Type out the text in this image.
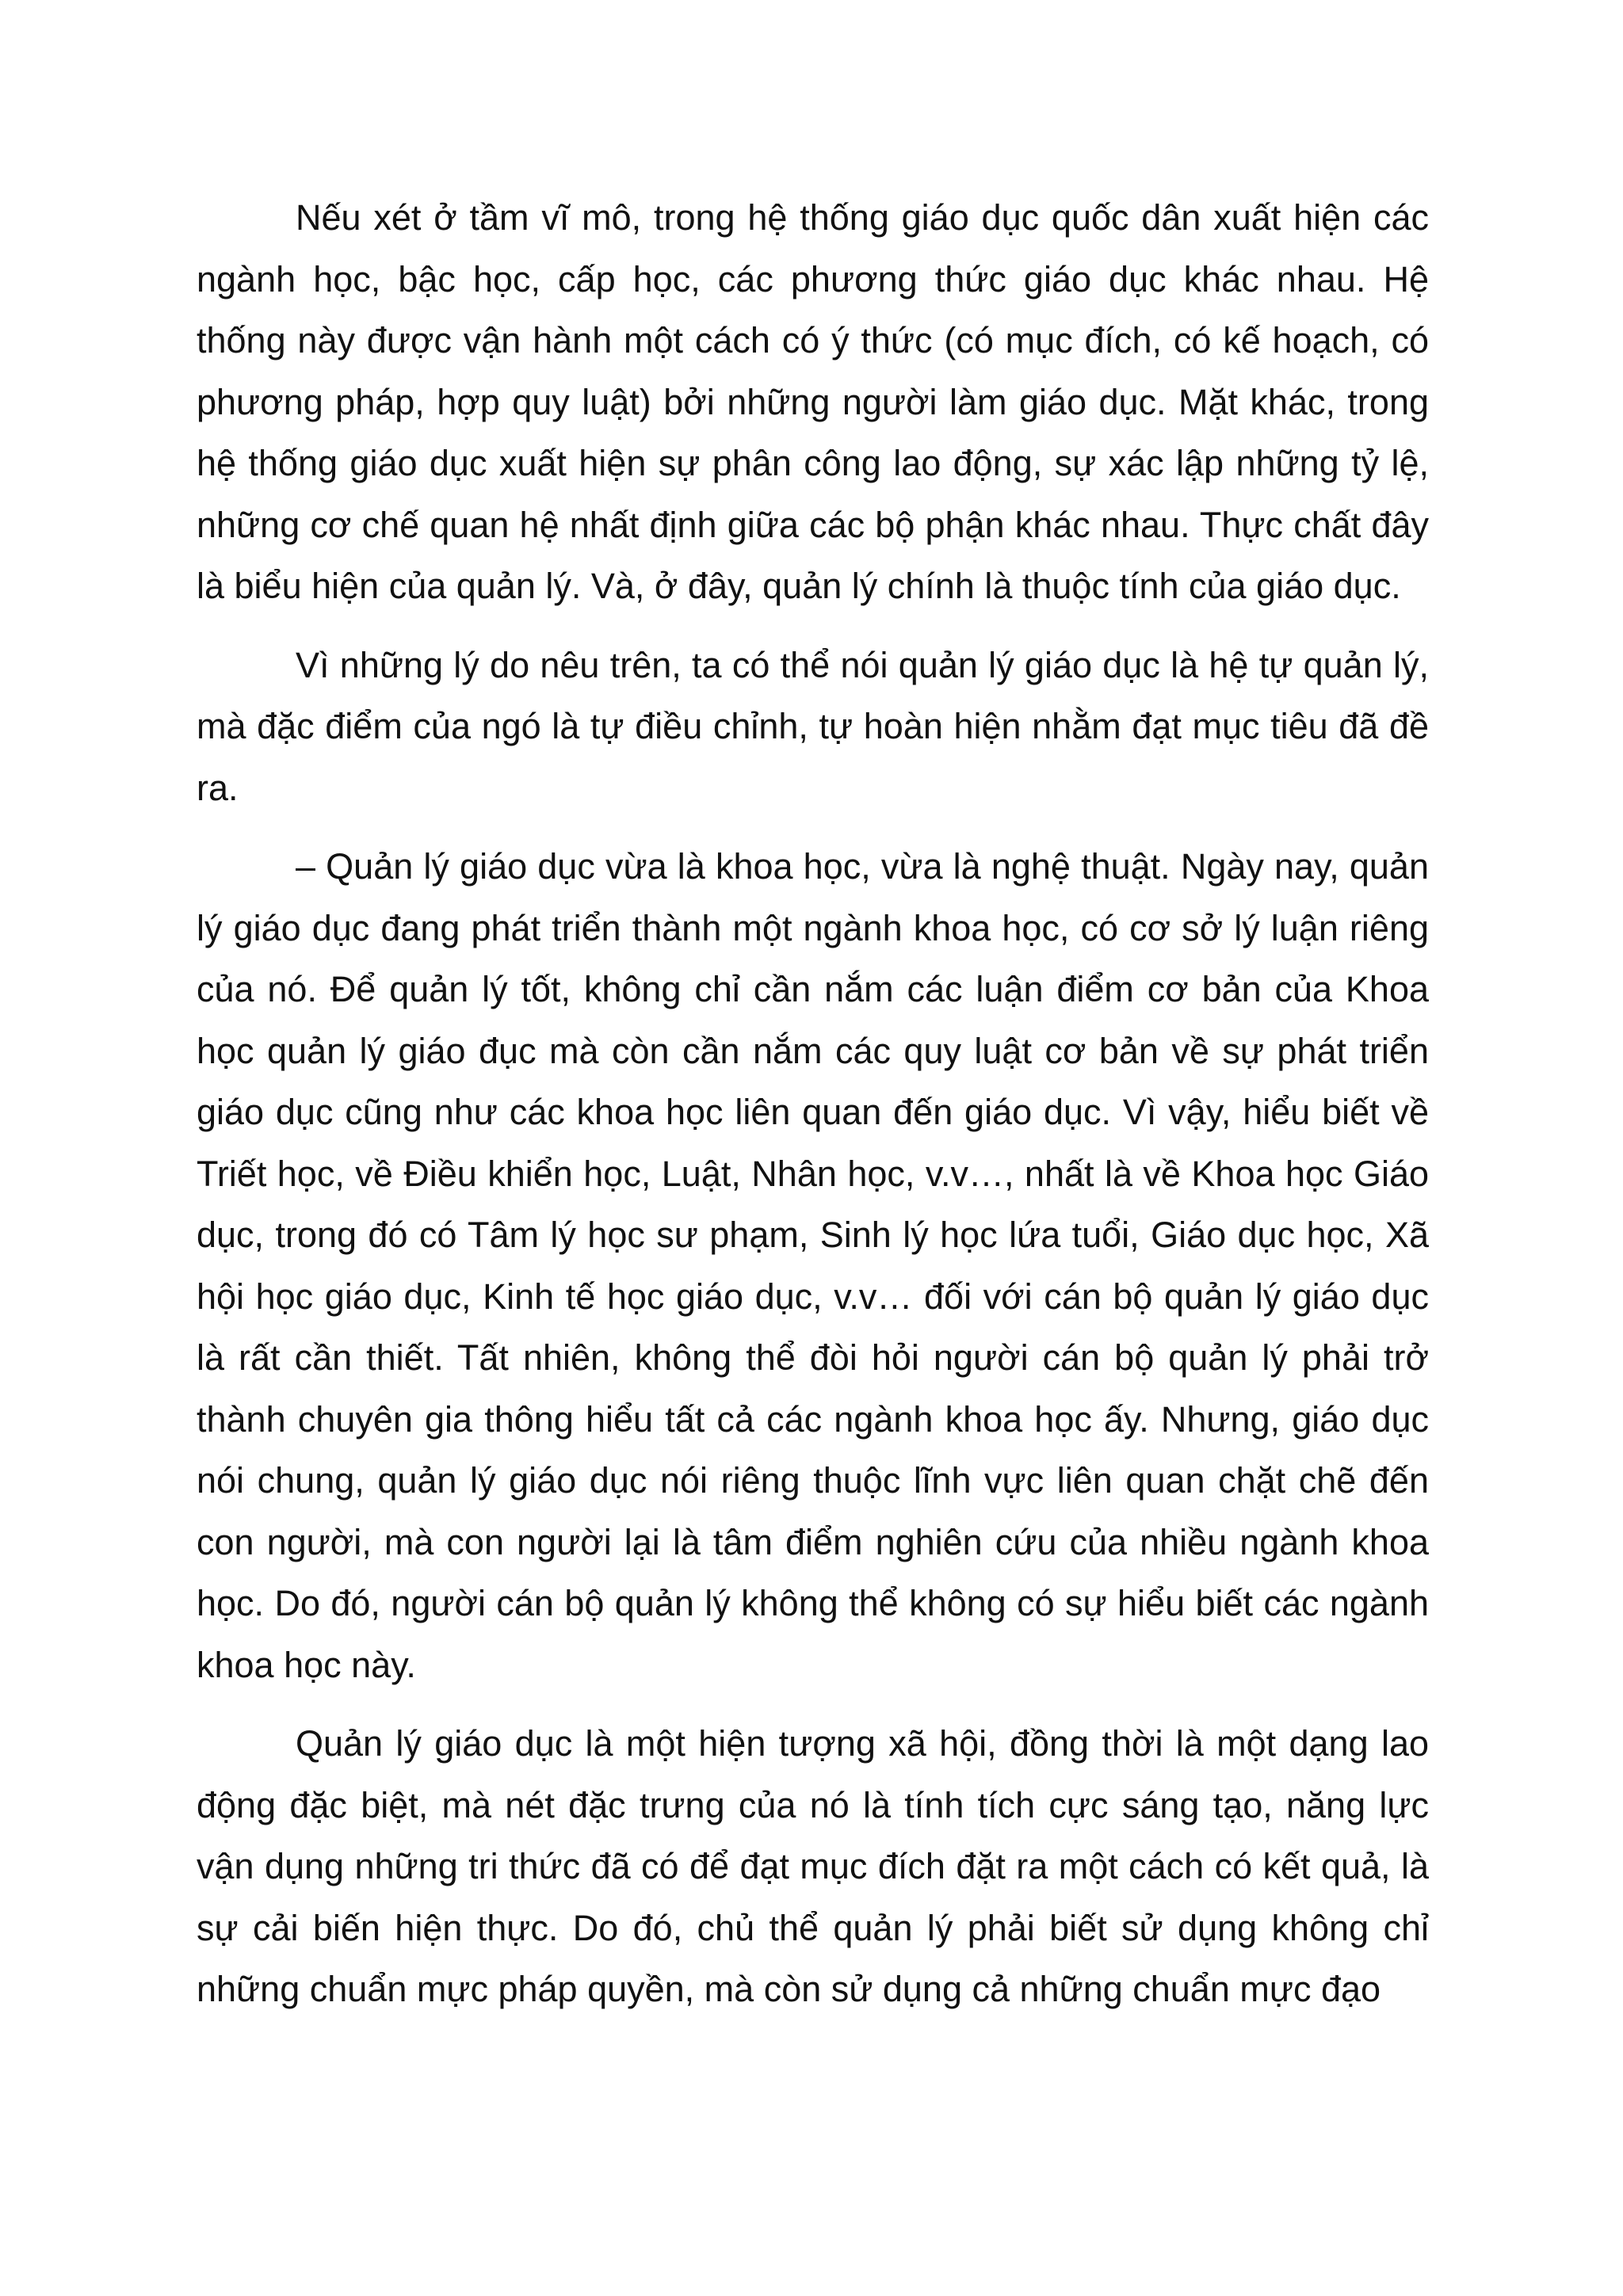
Nếu xét ở tầm vĩ mô, trong hệ thống giáo dục quốc dân xuất hiện các ngành học, bậc học, cấp học, các phương thức giáo dục khác nhau. Hệ thống này được vận hành một cách có ý thức (có mục đích, có kế hoạch, có phương pháp, hợp quy luật) bởi những người làm giáo dục. Mặt khác, trong hệ thống giáo dục xuất hiện sự phân công lao động, sự xác lập những tỷ lệ, những cơ chế quan hệ nhất định giữa các bộ phận khác nhau. Thực chất đây là biểu hiện của quản lý. Và, ở đây, quản lý chính là thuộc tính của giáo dục.

Vì những lý do nêu trên, ta có thể nói quản lý giáo dục là hệ tự quản lý, mà đặc điểm của ngó là tự điều chỉnh, tự hoàn hiện nhằm đạt mục tiêu đã đề ra.

– Quản lý giáo dục vừa là khoa học, vừa là nghệ thuật. Ngày nay, quản lý giáo dục đang phát triển thành một ngành khoa học, có cơ sở lý luận riêng của nó. Để quản lý tốt, không chỉ cần nắm các luận điểm cơ bản của Khoa học quản lý giáo đục mà còn cần nắm các quy luật cơ bản về sự phát triển giáo dục cũng như các khoa học liên quan đến giáo dục. Vì vậy, hiểu biết về Triết học, về Điều khiển học, Luật, Nhân học, v.v…, nhất là về Khoa học Giáo dục, trong đó có Tâm lý học sư phạm, Sinh lý học lứa tuổi, Giáo dục học, Xã hội học giáo dục, Kinh tế học giáo dục, v.v… đối với cán bộ quản lý giáo dục là rất cần thiết. Tất nhiên, không thể đòi hỏi người cán bộ quản lý phải trở thành chuyên gia thông hiểu tất cả các ngành khoa học ấy. Nhưng, giáo dục nói chung, quản lý giáo dục nói riêng thuộc lĩnh vực liên quan chặt chẽ đến con người, mà con người lại là tâm điểm nghiên cứu của nhiều ngành khoa học. Do đó, người cán bộ quản lý không thể không có sự hiểu biết các ngành khoa học này.

Quản lý giáo dục là một hiện tượng xã hội, đồng thời là một dạng lao động đặc biệt, mà nét đặc trưng của nó là tính tích cực sáng tạo, năng lực vận dụng những tri thức đã có để đạt mục đích đặt ra một cách có kết quả, là sự cải biến hiện thực. Do đó, chủ thể quản lý phải biết sử dụng không chỉ những chuẩn mực pháp quyền, mà còn sử dụng cả những chuẩn mực đạo
